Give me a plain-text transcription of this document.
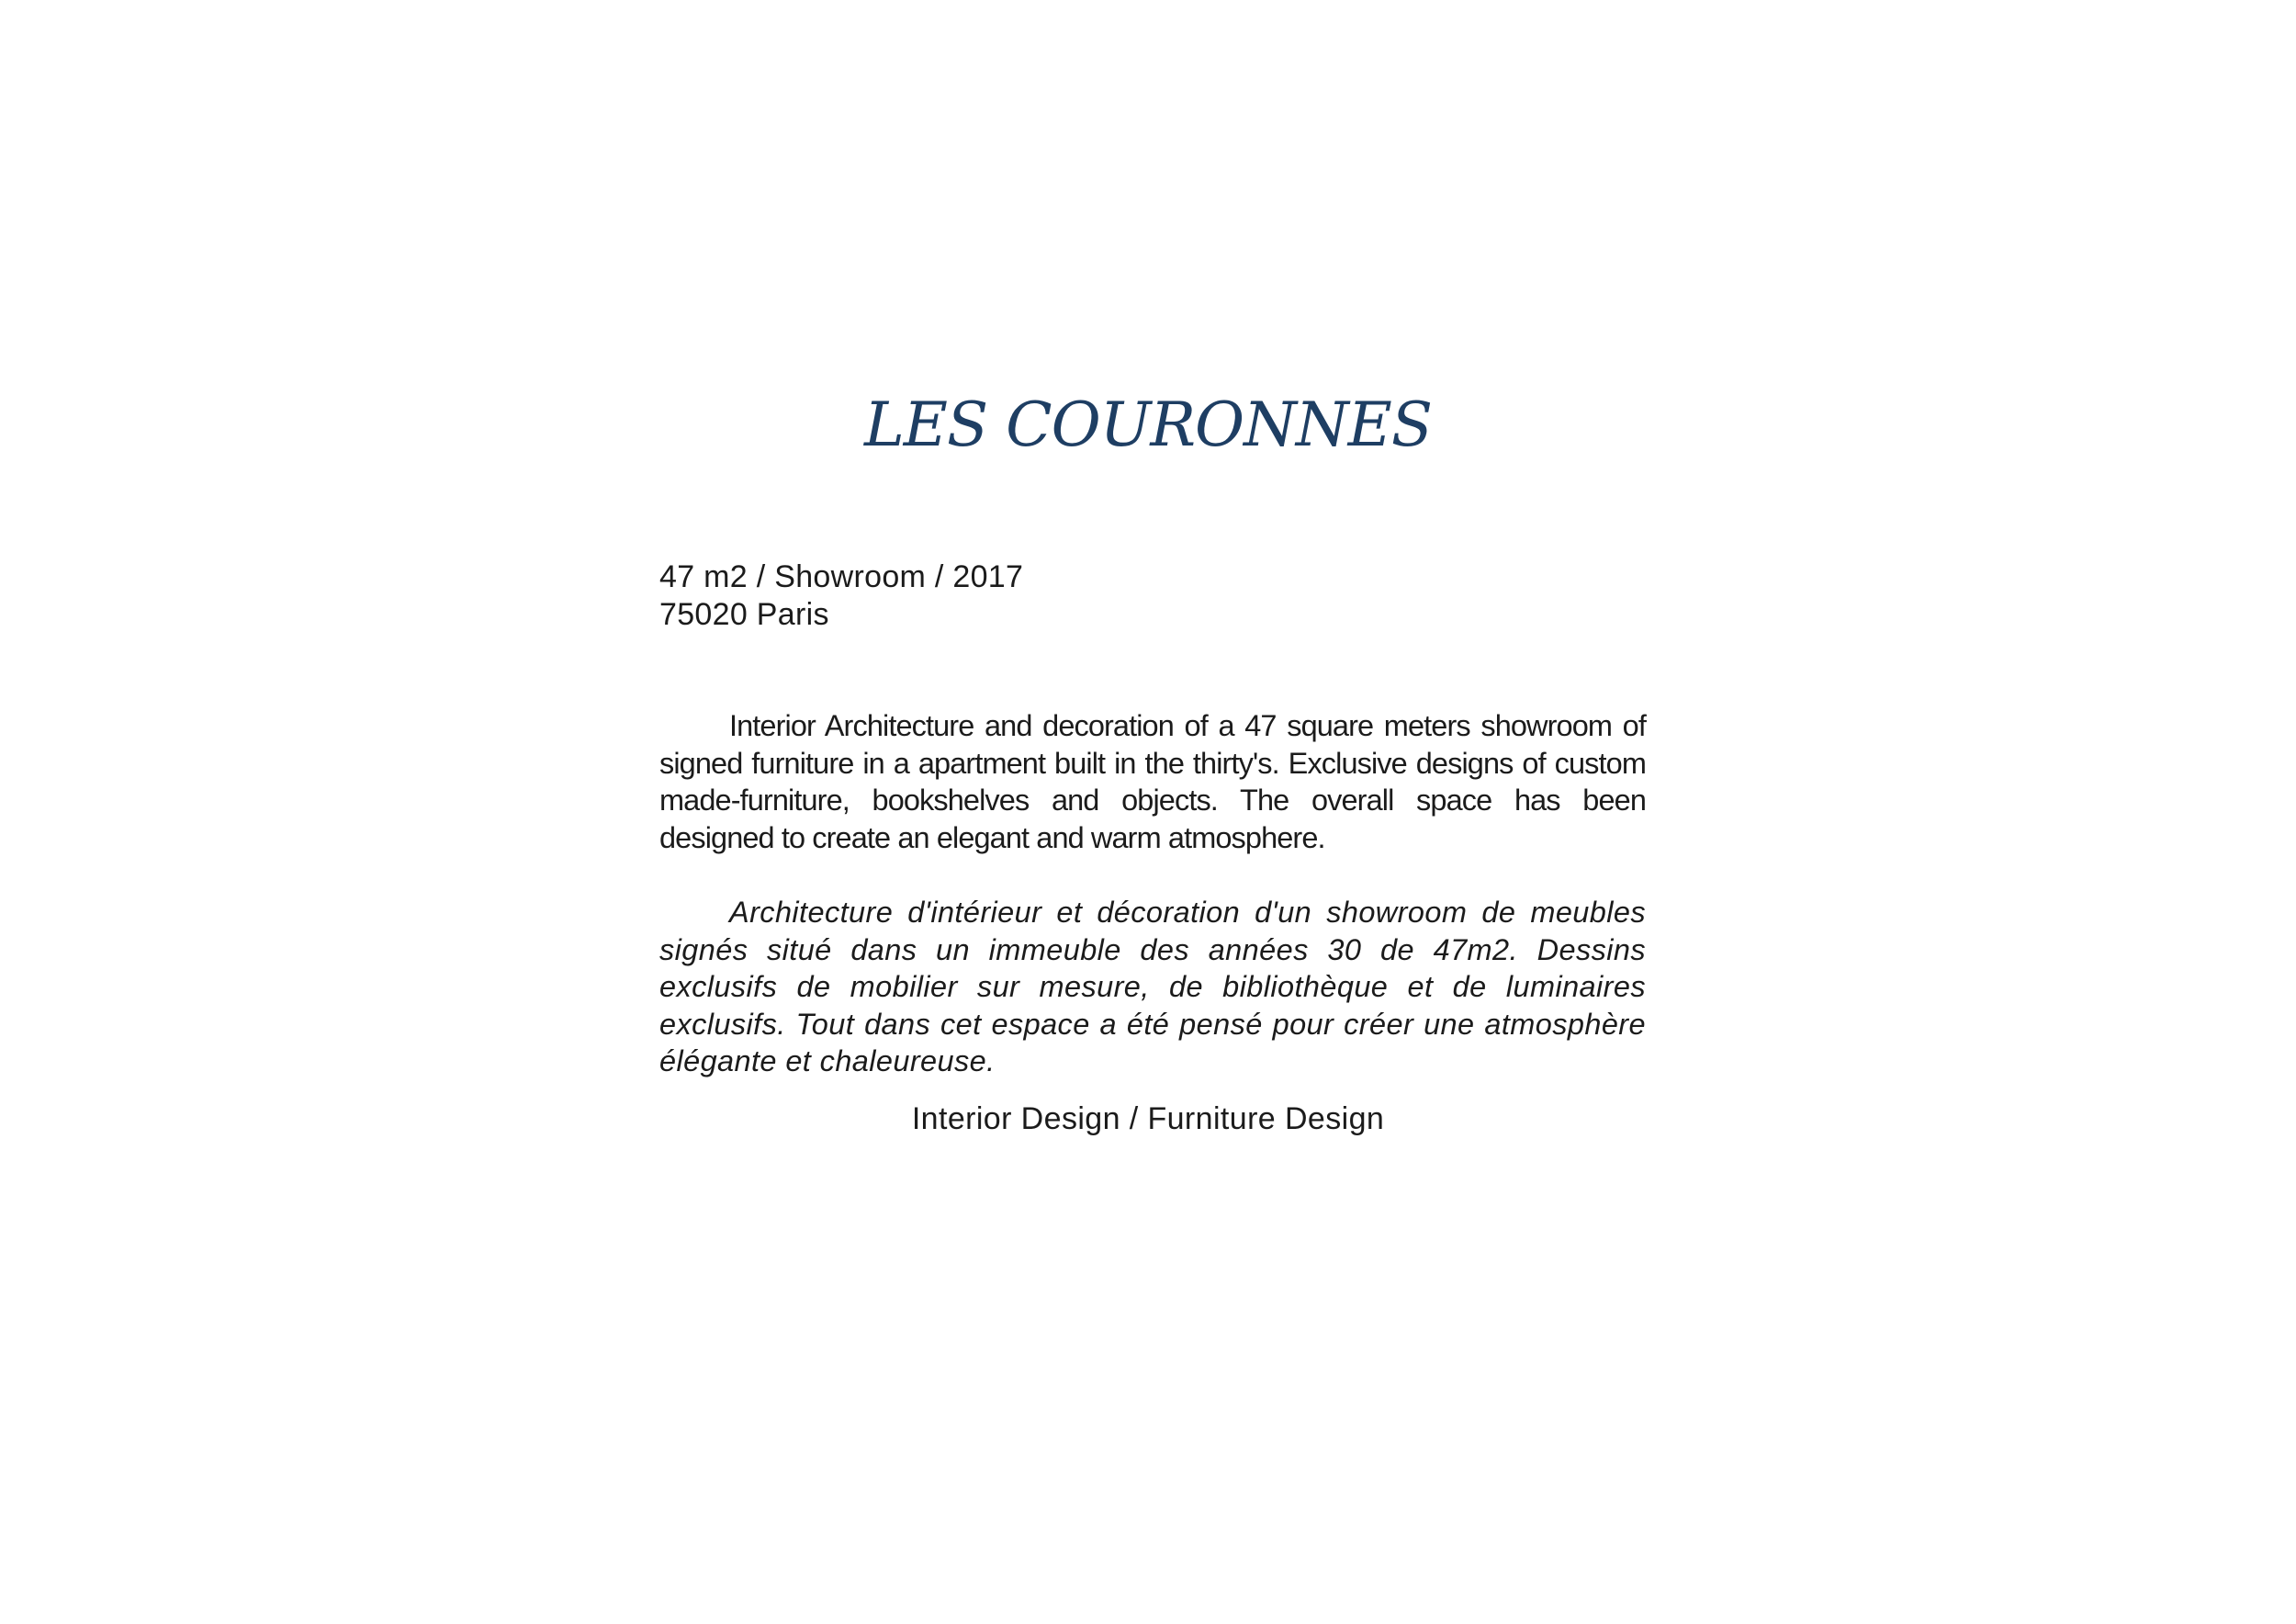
LES COURONNES
47 m2 / Showroom / 2017
75020 Paris

Interior Architecture and decoration of a 47 square meters showroom of signed furniture in a apartment built in the thirty's. Exclusive designs of custom made-furniture, bookshelves and objects. The overall space has been designed to create an elegant and warm atmosphere.

Architecture d'intérieur et décoration d'un showroom de meubles signés situé dans un immeuble des années 30 de 47m2. Dessins exclusifs de mobilier sur mesure, de bibliothèque et de luminaires exclusifs. Tout dans cet espace a été pensé pour créer une atmosphère élégante et chaleureuse.

Interior Design / Furniture Design
